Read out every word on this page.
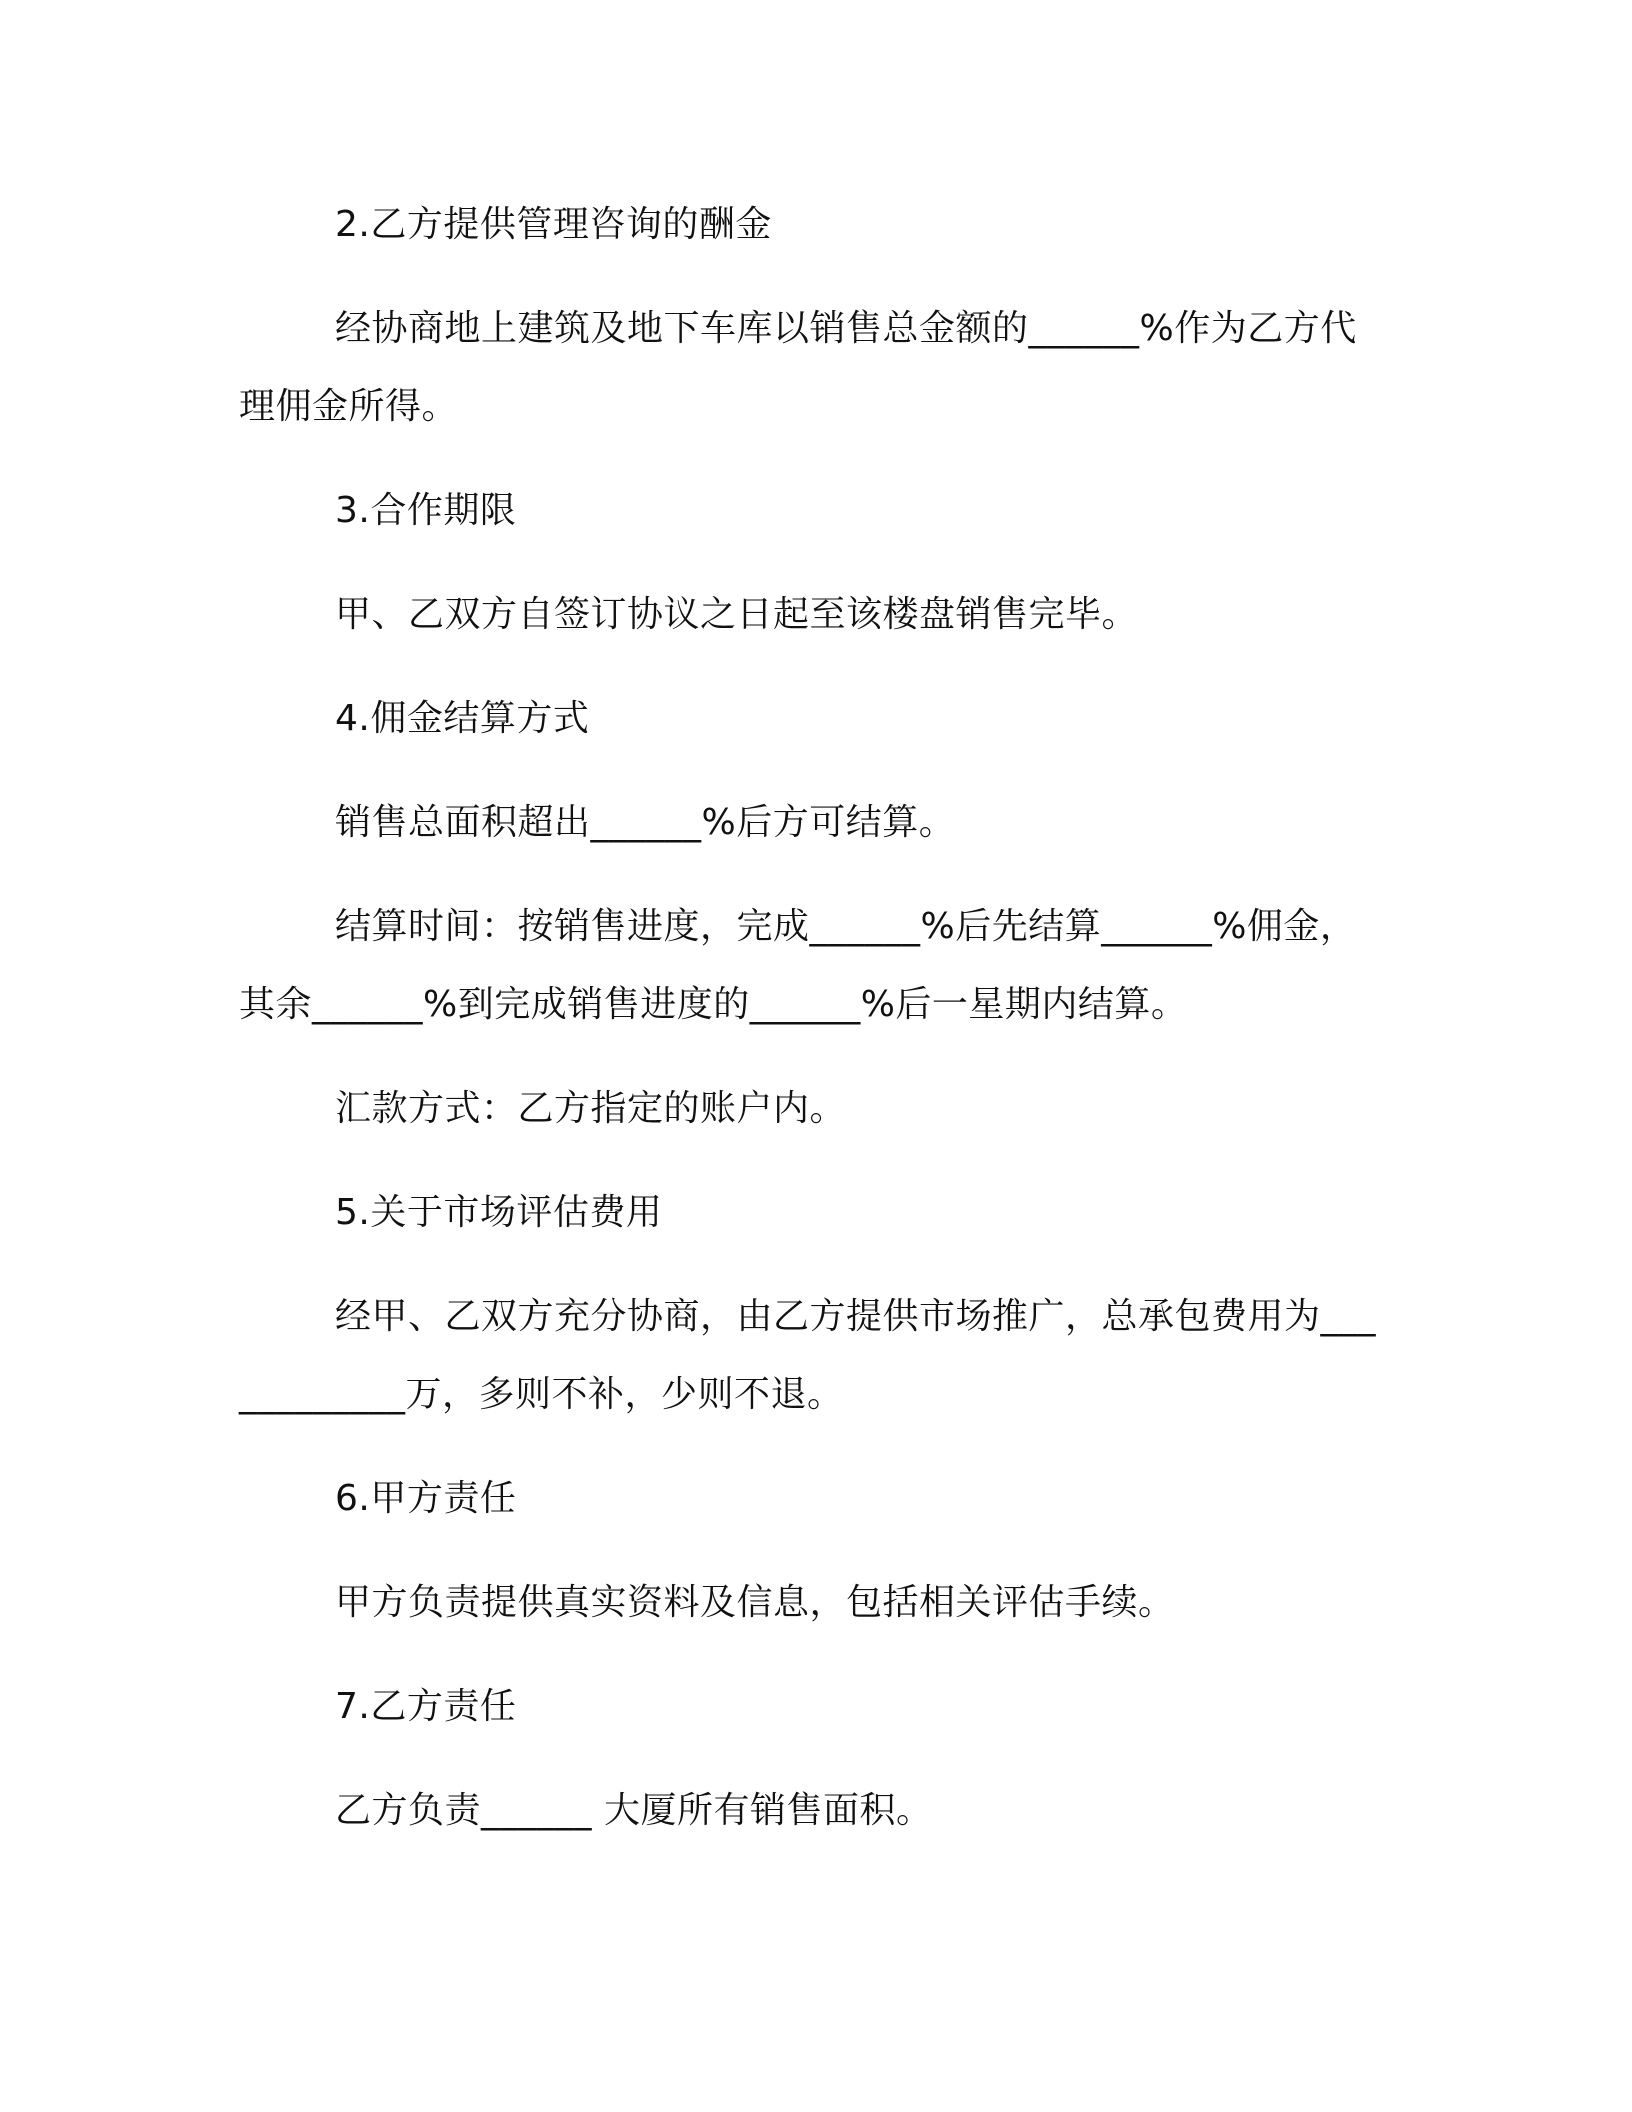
2.乙方提供管理咨询的酬金

经协商地上建筑及地下车库以销售总金额的______%作为乙方代理佣金所得。

3.合作期限

甲、乙双方自签订协议之日起至该楼盘销售完毕。

4.佣金结算方式

销售总面积超出______%后方可结算。

结算时间：按销售进度，完成______%后先结算______%佣金，其余______%到完成销售进度的______%后一星期内结算。

汇款方式：乙方指定的账户内。

5.关于市场评估费用

经甲、乙双方充分协商，由乙方提供市场推广，总承包费用为____________万，多则不补，少则不退。

6.甲方责任

甲方负责提供真实资料及信息，包括相关评估手续。

7.乙方责任

乙方负责______ 大厦所有销售面积。
